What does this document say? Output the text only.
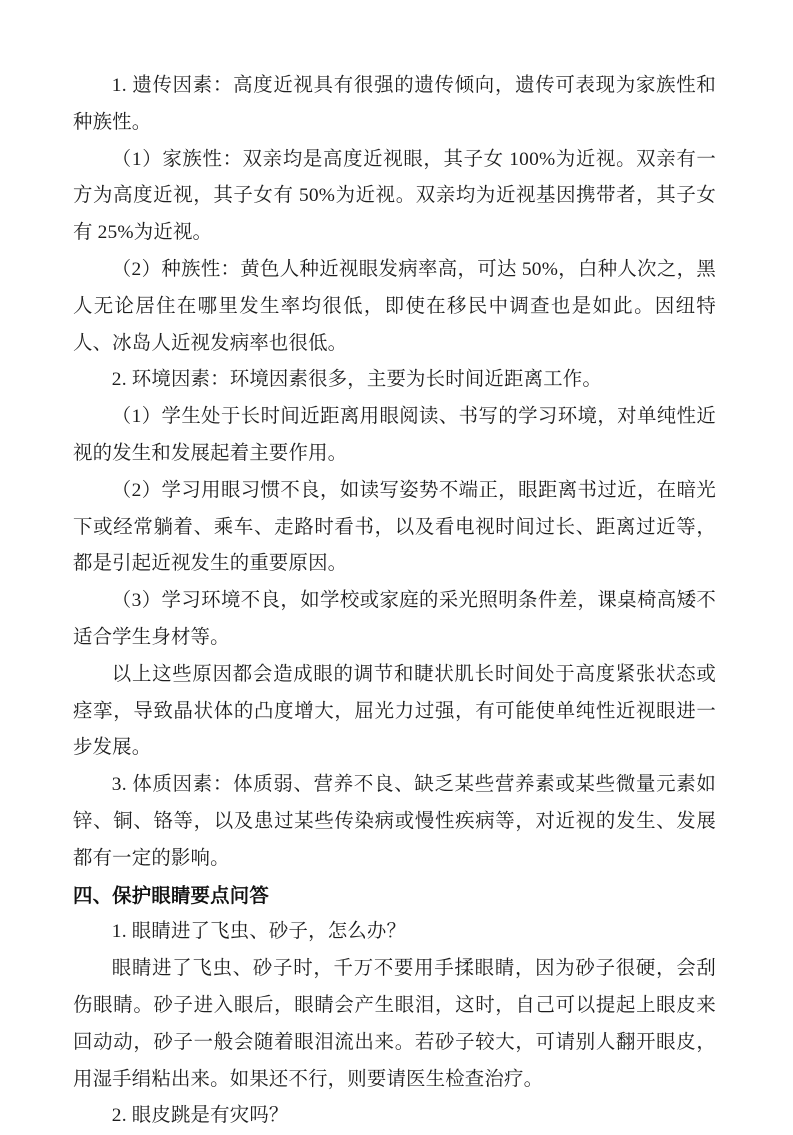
1. 遗传因素：高度近视具有很强的遗传倾向，遗传可表现为家族性和种族性。

（1）家族性：双亲均是高度近视眼，其子女 100%为近视。双亲有一方为高度近视，其子女有 50%为近视。双亲均为近视基因携带者，其子女有 25%为近视。

（2）种族性：黄色人种近视眼发病率高，可达 50%，白种人次之，黑人无论居住在哪里发生率均很低，即使在移民中调查也是如此。因纽特人、冰岛人近视发病率也很低。

2. 环境因素：环境因素很多，主要为长时间近距离工作。

（1）学生处于长时间近距离用眼阅读、书写的学习环境，对单纯性近视的发生和发展起着主要作用。

（2）学习用眼习惯不良，如读写姿势不端正，眼距离书过近，在暗光下或经常躺着、乘车、走路时看书，以及看电视时间过长、距离过近等，都是引起近视发生的重要原因。

（3）学习环境不良，如学校或家庭的采光照明条件差，课桌椅高矮不适合学生身材等。

以上这些原因都会造成眼的调节和睫状肌长时间处于高度紧张状态或痉挛，导致晶状体的凸度增大，屈光力过强，有可能使单纯性近视眼进一步发展。

3. 体质因素：体质弱、营养不良、缺乏某些营养素或某些微量元素如锌、铜、铬等，以及患过某些传染病或慢性疾病等，对近视的发生、发展都有一定的影响。

四、保护眼睛要点问答

1. 眼睛进了飞虫、砂子，怎么办？

眼睛进了飞虫、砂子时，千万不要用手揉眼睛，因为砂子很硬，会刮伤眼睛。砂子进入眼后，眼睛会产生眼泪，这时，自己可以提起上眼皮来回动动，砂子一般会随着眼泪流出来。若砂子较大，可请别人翻开眼皮，用湿手绢粘出来。如果还不行，则要请医生检查治疗。

2. 眼皮跳是有灾吗？
